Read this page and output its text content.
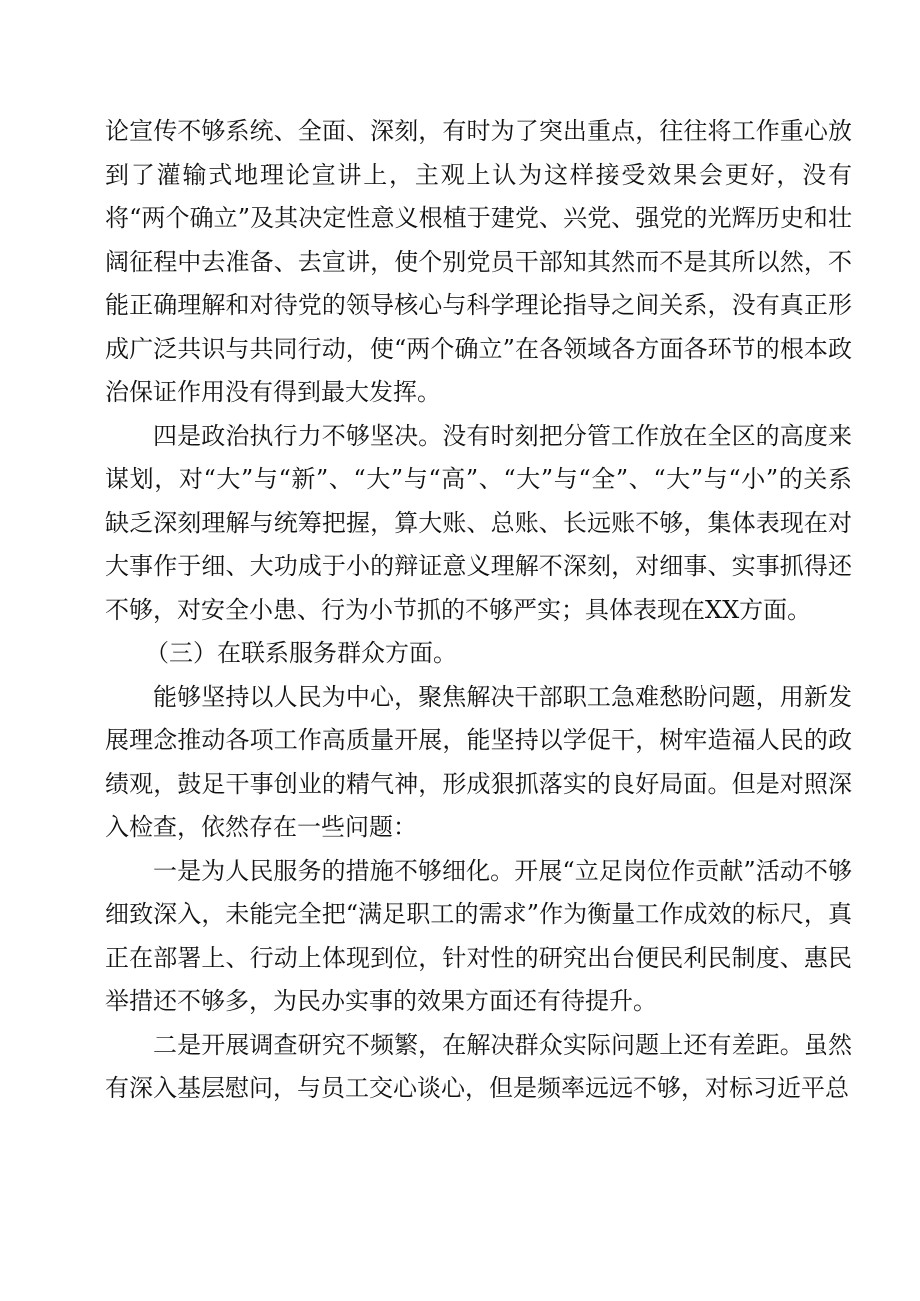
论宣传不够系统、全面、深刻，有时为了突出重点，往往将工作重心放到了灌输式地理论宣讲上，主观上认为这样接受效果会更好，没有将“两个确立”及其决定性意义根植于建党、兴党、强党的光辉历史和壮阔征程中去准备、去宣讲，使个别党员干部知其然而不是其所以然，不能正确理解和对待党的领导核心与科学理论指导之间关系，没有真正形成广泛共识与共同行动，使“两个确立”在各领域各方面各环节的根本政治保证作用没有得到最大发挥。

四是政治执行力不够坚决。没有时刻把分管工作放在全区的高度来谋划，对“大”与“新”、“大”与“高”、“大”与“全”、“大”与“小”的关系缺乏深刻理解与统筹把握，算大账、总账、长远账不够，集体表现在对大事作于细、大功成于小的辩证意义理解不深刻，对细事、实事抓得还不够，对安全小患、行为小节抓的不够严实；具体表现在XX方面。

（三）在联系服务群众方面。

能够坚持以人民为中心，聚焦解决干部职工急难愁盼问题，用新发展理念推动各项工作高质量开展，能坚持以学促干，树牢造福人民的政绩观，鼓足干事创业的精气神，形成狠抓落实的良好局面。但是对照深入检查，依然存在一些问题：

一是为人民服务的措施不够细化。开展“立足岗位作贡献”活动不够细致深入，未能完全把“满足职工的需求”作为衡量工作成效的标尺，真正在部署上、行动上体现到位，针对性的研究出台便民利民制度、惠民举措还不够多，为民办实事的效果方面还有待提升。

二是开展调查研究不频繁，在解决群众实际问题上还有差距。虽然有深入基层慰问，与员工交心谈心，但是频率远远不够，对标习近平总
